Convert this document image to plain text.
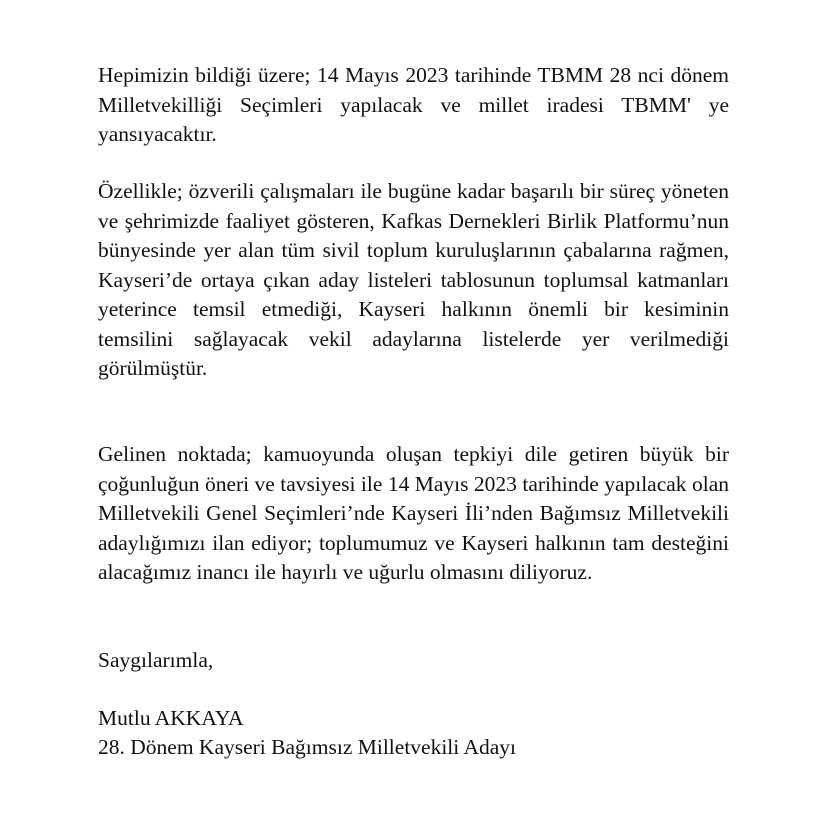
Hepimizin bildiği üzere; 14 Mayıs 2023 tarihinde TBMM 28 nci dönem Milletvekilliği Seçimleri yapılacak ve millet iradesi TBMM' ye yansıyacaktır.

Özellikle; özverili çalışmaları ile bugüne kadar başarılı bir süreç yöneten ve şehrimizde faaliyet gösteren, Kafkas Dernekleri Birlik Platformu’nun bünyesinde yer alan tüm sivil toplum kuruluşlarının çabalarına rağmen, Kayseri’de ortaya çıkan aday listeleri tablosunun toplumsal katmanları yeterince temsil etmediği, Kayseri halkının önemli bir kesiminin temsilini sağlayacak vekil adaylarına listelerde yer verilmediği görülmüştür.

Gelinen noktada; kamuoyunda oluşan tepkiyi dile getiren büyük bir çoğunluğun öneri ve tavsiyesi ile 14 Mayıs 2023 tarihinde yapılacak olan Milletvekili Genel Seçimleri’nde Kayseri İli’nden Bağımsız Milletvekili adaylığımızı ilan ediyor; toplumumuz ve Kayseri halkının tam desteğini alacağımız inancı ile hayırlı ve uğurlu olmasını diliyoruz.

Saygılarımla,

Mutlu AKKAYA

28. Dönem Kayseri Bağımsız Milletvekili Adayı
